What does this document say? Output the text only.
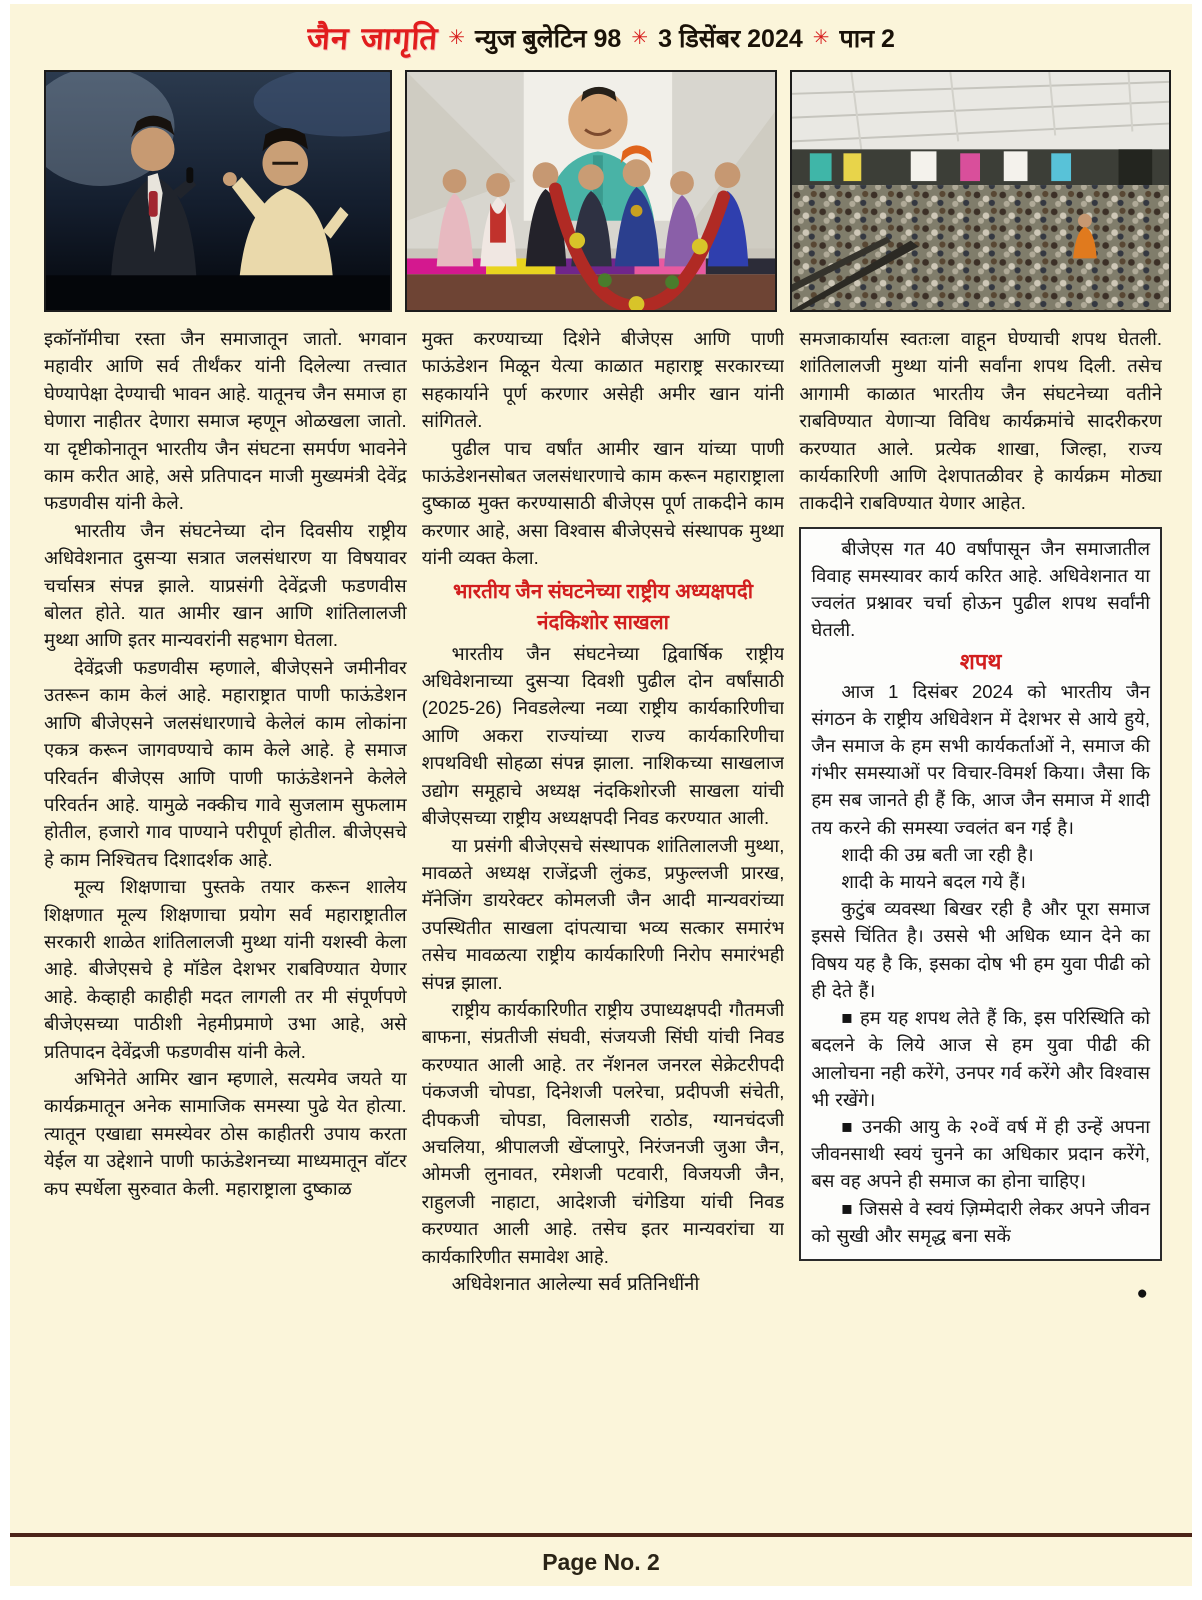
जैन जागृति ✳ न्युज बुलेटिन 98 ✳ 3 डिसेंबर 2024 ✳ पान 2

इकॉनॉमीचा रस्ता जैन समाजातून जातो. भगवान महावीर आणि सर्व तीर्थंकर यांनी दिलेल्या तत्त्वात घेण्यापेक्षा देण्याची भावन आहे. यातूनच जैन समाज हा घेणारा नाहीतर देणारा समाज म्हणून ओळखला जातो. या दृष्टीकोनातून भारतीय जैन संघटना समर्पण भावनेने काम करीत आहे, असे प्रतिपादन माजी मुख्यमंत्री देवेंद्र फडणवीस यांनी केले.

भारतीय जैन संघटनेच्या दोन दिवसीय राष्ट्रीय अधिवेशनात दुसऱ्या सत्रात जलसंधारण या विषयावर चर्चासत्र संपन्न झाले. याप्रसंगी देवेंद्रजी फडणवीस बोलत होते. यात आमीर खान आणि शांतिलालजी मुथ्था आणि इतर मान्यवरांनी सहभाग घेतला.

देवेंद्रजी फडणवीस म्हणाले, बीजेएसने जमीनीवर उतरून काम केलं आहे. महाराष्ट्रात पाणी फाऊंडेशन आणि बीजेएसने जलसंधारणाचे केलेलं काम लोकांना एकत्र करून जागवण्याचे काम केले आहे. हे समाज परिवर्तन बीजेएस आणि पाणी फाऊंडेशनने केलेले परिवर्तन आहे. यामुळे नक्कीच गावे सुजलाम सुफलाम होतील, हजारो गाव पाण्याने परीपूर्ण होतील. बीजेएसचे हे काम निश्चितच दिशादर्शक आहे.

मूल्य शिक्षणाचा पुस्तके तयार करून शालेय शिक्षणात मूल्य शिक्षणाचा प्रयोग सर्व महाराष्ट्रातील सरकारी शाळेत शांतिलालजी मुथ्था यांनी यशस्वी केला आहे. बीजेएसचे हे मॉडेल देशभर राबविण्यात येणार आहे. केव्हाही काहीही मदत लागली तर मी संपूर्णपणे बीजेएसच्या पाठीशी नेहमीप्रमाणे उभा आहे, असे प्रतिपादन देवेंद्रजी फडणवीस यांनी केले.

अभिनेते आमिर खान म्हणाले, सत्यमेव जयते या कार्यक्रमातून अनेक सामाजिक समस्या पुढे येत होत्या. त्यातून एखाद्या समस्येवर ठोस काहीतरी उपाय करता येईल या उद्देशाने पाणी फाऊंडेशनच्या माध्यमातून वॉटर कप स्पर्धेला सुरुवात केली. महाराष्ट्राला दुष्काळ

मुक्त करण्याच्या दिशेने बीजेएस आणि पाणी फाऊंडेशन मिळून येत्या काळात महाराष्ट्र सरकारच्या सहकार्याने पूर्ण करणार असेही अमीर खान यांनी सांगितले.

पुढील पाच वर्षांत आमीर खान यांच्या पाणी फाऊंडेशनसोबत जलसंधारणाचे काम करून महाराष्ट्राला दुष्काळ मुक्त करण्यासाठी बीजेएस पूर्ण ताकदीने काम करणार आहे, असा विश्वास बीजेएसचे संस्थापक मुथ्था यांनी व्यक्त केला.

भारतीय जैन संघटनेच्या राष्ट्रीय अध्यक्षपदी नंदकिशोर साखला

भारतीय जैन संघटनेच्या द्विवार्षिक राष्ट्रीय अधिवेशनाच्या दुसऱ्या दिवशी पुढील दोन वर्षांसाठी (2025-26) निवडलेल्या नव्या राष्ट्रीय कार्यकारिणीचा आणि अकरा राज्यांच्या राज्य कार्यकारिणीचा शपथविधी सोहळा संपन्न झाला. नाशिकच्या साखलाज उद्योग समूहाचे अध्यक्ष नंदकिशोरजी साखला यांची बीजेएसच्या राष्ट्रीय अध्यक्षपदी निवड करण्यात आली.

या प्रसंगी बीजेएसचे संस्थापक शांतिलालजी मुथ्था, मावळते अध्यक्ष राजेंद्रजी लुंकड, प्रफुल्लजी प्रारख, मॅनेजिंग डायरेक्टर कोमलजी जैन आदी मान्यवरांच्या उपस्थितीत साखला दांपत्याचा भव्य सत्कार समारंभ तसेच मावळत्या राष्ट्रीय कार्यकारिणी निरोप समारंभही संपन्न झाला.

राष्ट्रीय कार्यकारिणीत राष्ट्रीय उपाध्यक्षपदी गौतमजी बाफना, संप्रतीजी संघवी, संजयजी सिंघी यांची निवड करण्यात आली आहे. तर नॅशनल जनरल सेक्रेटरीपदी पंकजजी चोपडा, दिनेशजी पलरेचा, प्रदीपजी संचेती, दीपकजी चोपडा, विलासजी राठोड, ग्यानचंदजी अचलिया, श्रीपालजी खेंप्लापुरे, निरंजनजी जुआ जैन, ओमजी लुनावत, रमेशजी पटवारी, विजयजी जैन, राहुलजी नाहाटा, आदेशजी चंगेडिया यांची निवड करण्यात आली आहे. तसेच इतर मान्यवरांचा या कार्यकारिणीत समावेश आहे.

अधिवेशनात आलेल्या सर्व प्रतिनिधींनी

समजाकार्यास स्वतःला वाहून घेण्याची शपथ घेतली. शांतिलालजी मुथ्था यांनी सर्वांना शपथ दिली. तसेच आगामी काळात भारतीय जैन संघटनेच्या वतीने राबविण्यात येणाऱ्या विविध कार्यक्रमांचे सादरीकरण करण्यात आले. प्रत्येक शाखा, जिल्हा, राज्य कार्यकारिणी आणि देशपातळीवर हे कार्यक्रम मोठ्या ताकदीने राबविण्यात येणार आहेत.

बीजेएस गत 40 वर्षांपासून जैन समाजातील विवाह समस्यावर कार्य करित आहे. अधिवेशनात या ज्वलंत प्रश्नावर चर्चा होऊन पुढील शपथ सर्वांनी घेतली.

शपथ

आज 1 दिसंबर 2024 को भारतीय जैन संगठन के राष्ट्रीय अधिवेशन में देशभर से आये हुये, जैन समाज के हम सभी कार्यकर्ताओं ने, समाज की गंभीर समस्याओं पर विचार-विमर्श किया। जैसा कि हम सब जानते ही हैं कि, आज जैन समाज में शादी तय करने की समस्या ज्वलंत बन गई है।

शादी की उम्र बती जा रही है।

शादी के मायने बदल गये हैं।

कुटुंब व्यवस्था बिखर रही है और पूरा समाज इससे चिंतित है। उससे भी अधिक ध्यान देने का विषय यह है कि, इसका दोष भी हम युवा पीढी को ही देते हैं।

■ हम यह शपथ लेते हैं कि, इस परिस्थिति को बदलने के लिये आज से हम युवा पीढी की आलोचना नही करेंगे, उनपर गर्व करेंगे और विश्वास भी रखेंगे।

■ उनकी आयु के २०वें वर्ष में ही उन्हें अपना जीवनसाथी स्वयं चुनने का अधिकार प्रदान करेंगे, बस वह अपने ही समाज का होना चाहिए।

■ जिससे वे स्वयं ज़िम्मेदारी लेकर अपने जीवन को सुखी और समृद्ध बना सकें

●
Page No. 2
